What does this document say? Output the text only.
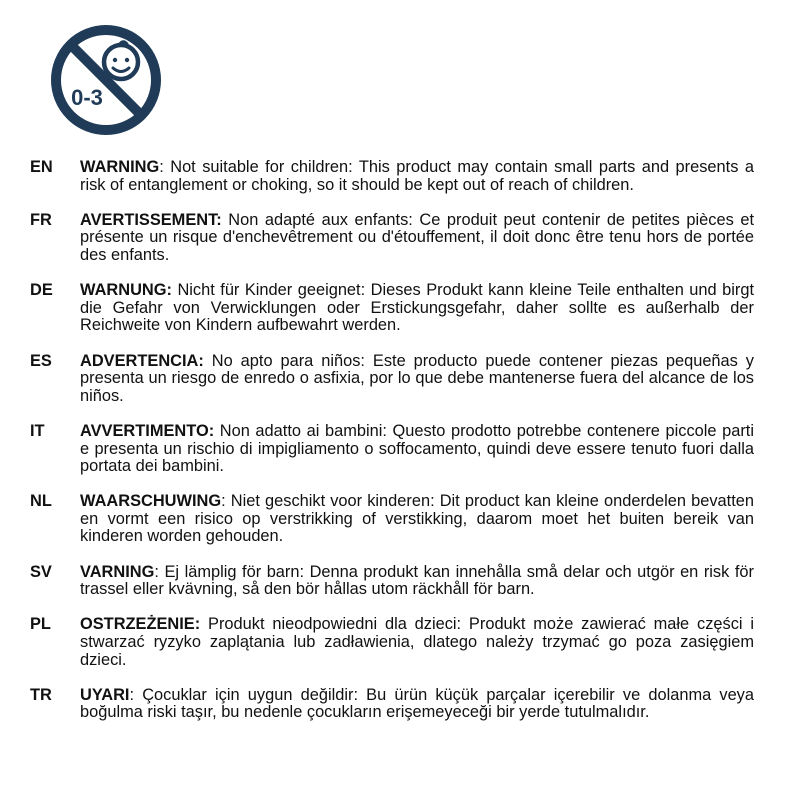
0-3
EN	WARNING: Not suitable for children: This product may contain small parts and presents a risk of entanglement or choking, so it should be kept out of reach of children.
FR	AVERTISSEMENT: Non adapté aux enfants: Ce produit peut contenir de petites pièces et présente un risque d'enchevêtrement ou d'étouffement, il doit donc être tenu hors de portée des enfants.
DE	WARNUNG: Nicht für Kinder geeignet: Dieses Produkt kann kleine Teile enthalten und birgt die Gefahr von Verwicklungen oder Erstickungsgefahr, daher sollte es außerhalb der Reichweite von Kindern aufbewahrt werden.
ES	ADVERTENCIA: No apto para niños: Este producto puede contener piezas pequeñas y presenta un riesgo de enredo o asfixia, por lo que debe mantenerse fuera del alcance de los niños.
IT	AVVERTIMENTO: Non adatto ai bambini: Questo prodotto potrebbe contenere piccole parti e presenta un rischio di impigliamento o soffocamento, quindi deve essere tenuto fuori dalla portata dei bambini.
NL	WAARSCHUWING: Niet geschikt voor kinderen: Dit product kan kleine onderdelen bevatten en vormt een risico op verstrikking of verstikking, daarom moet het buiten bereik van kinderen worden gehouden.
SV	VARNING: Ej lämplig för barn: Denna produkt kan innehålla små delar och utgör en risk för trassel eller kvävning, så den bör hållas utom räckhåll för barn.
PL	OSTRZEŻENIE: Produkt nieodpowiedni dla dzieci: Produkt może zawierać małe części i stwarzać ryzyko zaplątania lub zadławienia, dlatego należy trzymać go poza zasięgiem dzieci.
TR	UYARI: Çocuklar için uygun değildir: Bu ürün küçük parçalar içerebilir ve dolanma veya boğulma riski taşır, bu nedenle çocukların erişemeyeceği bir yerde tutulmalıdır.
